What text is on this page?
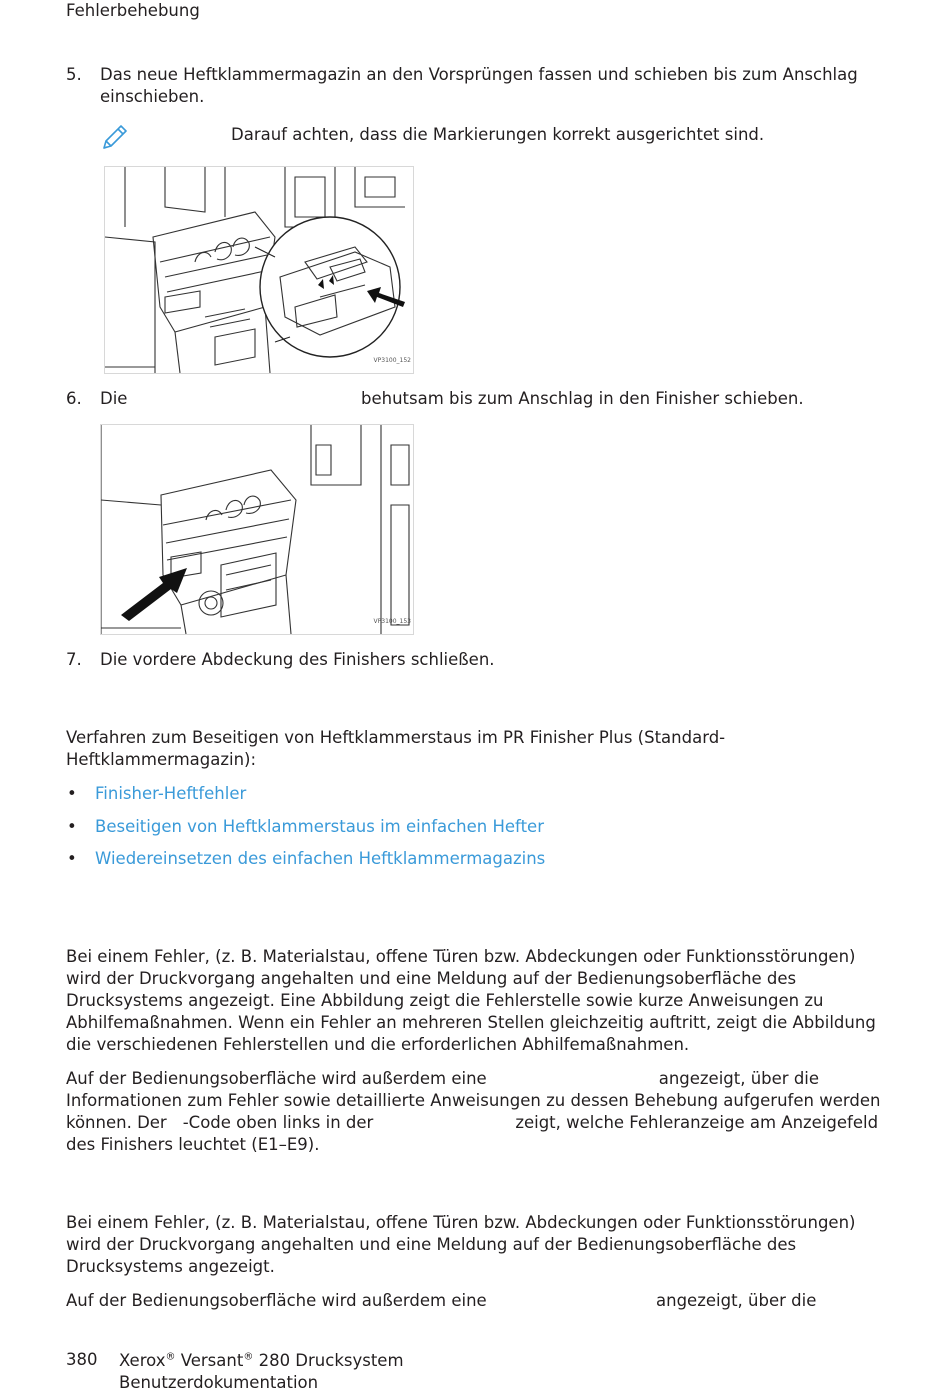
Fehlerbehebung
5. Das neue Heftklammermagazin an den Vorsprüngen fassen und schieben bis zum Anschlag einschieben.
Darauf achten, dass die Markierungen korrekt ausgerichtet sind.
VP3100_152
6. Die	behutsam bis zum Anschlag in den Finisher schieben.
VP3100_153
7. Die vordere Abdeckung des Finishers schließen.
Verfahren zum Beseitigen von Heftklammerstaus im PR Finisher Plus (Standard-Heftklammermagazin):
• Finisher-Heftfehler
• Beseitigen von Heftklammerstaus im einfachen Hefter
• Wiedereinsetzen des einfachen Heftklammermagazins
Bei einem Fehler, (z. B. Materialstau, offene Türen bzw. Abdeckungen oder Funktionsstörungen) wird der Druckvorgang angehalten und eine Meldung auf der Bedienungsoberfläche des Drucksystems angezeigt. Eine Abbildung zeigt die Fehlerstelle sowie kurze Anweisungen zu Abhilfemaßnahmen. Wenn ein Fehler an mehreren Stellen gleichzeitig auftritt, zeigt die Abbildung die verschiedenen Fehlerstellen und die erforderlichen Abhilfemaßnahmen.
Auf der Bedienungsoberfläche wird außerdem eine	angezeigt, über die Informationen zum Fehler sowie detaillierte Anweisungen zu dessen Behebung aufgerufen werden können. Der -Code oben links in der	zeigt, welche Fehleranzeige am Anzeigefeld des Finishers leuchtet (E1–E9).
Bei einem Fehler, (z. B. Materialstau, offene Türen bzw. Abdeckungen oder Funktionsstörungen) wird der Druckvorgang angehalten und eine Meldung auf der Bedienungsoberfläche des Drucksystems angezeigt.
Auf der Bedienungsoberfläche wird außerdem eine	angezeigt, über die
380 Xerox® Versant® 280 Drucksystem
Benutzerdokumentation
